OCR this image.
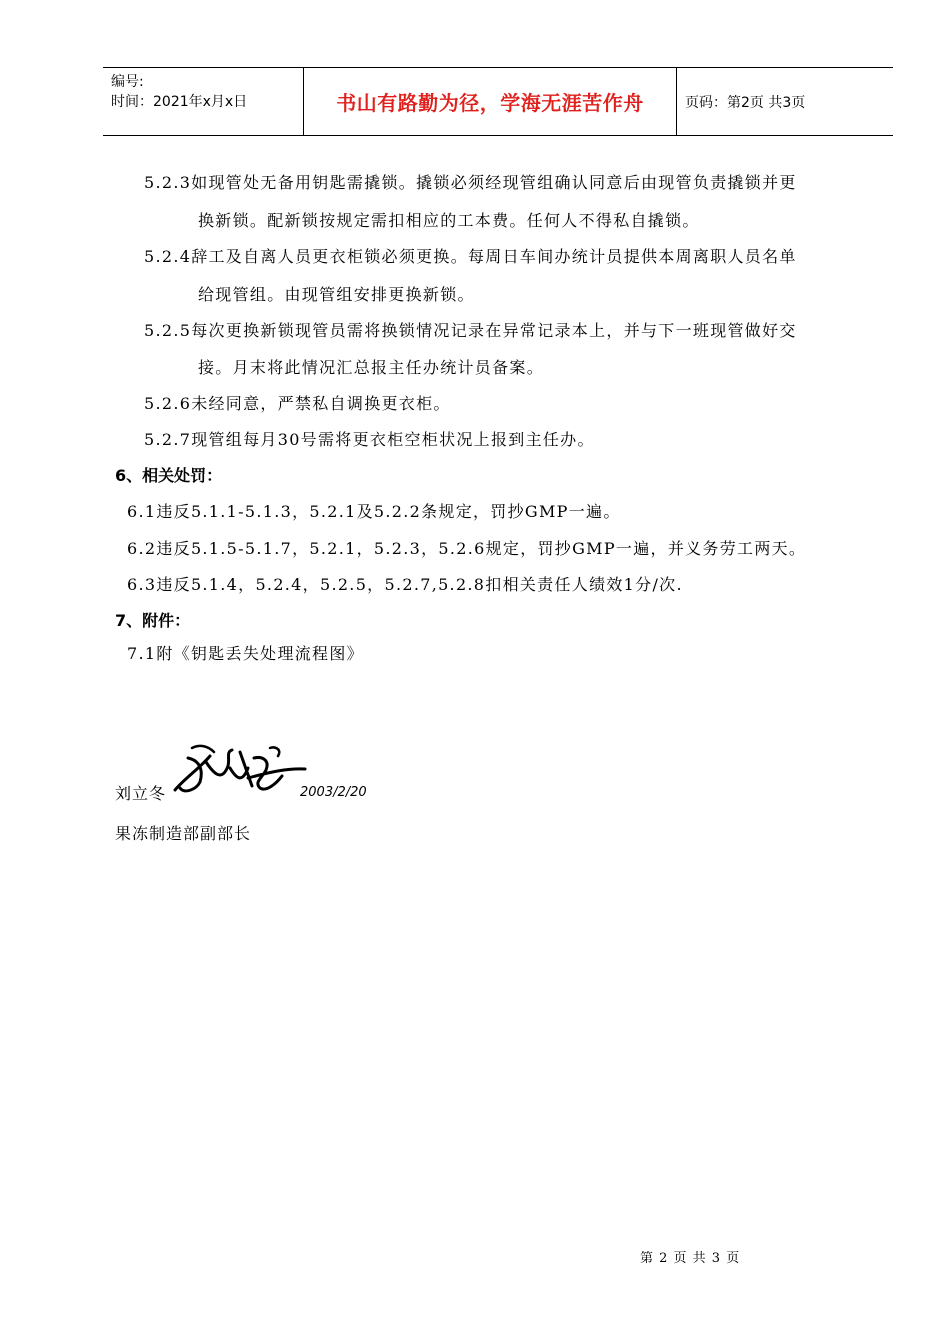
编号:
时间：2021年x月x日	书山有路勤为径，学海无涯苦作舟	页码：第2页 共3页
5.2.3如现管处无备用钥匙需撬锁。撬锁必须经现管组确认同意后由现管负责撬锁并更
换新锁。配新锁按规定需扣相应的工本费。任何人不得私自撬锁。
5.2.4辞工及自离人员更衣柜锁必须更换。每周日车间办统计员提供本周离职人员名单
给现管组。由现管组安排更换新锁。
5.2.5每次更换新锁现管员需将换锁情况记录在异常记录本上，并与下一班现管做好交
接。月末将此情况汇总报主任办统计员备案。
5.2.6未经同意，严禁私自调换更衣柜。
5.2.7现管组每月30号需将更衣柜空柜状况上报到主任办。
6、相关处罚：
6.1违反5.1.1-5.1.3，5.2.1及5.2.2条规定，罚抄GMP一遍。
6.2违反5.1.5-5.1.7，5.2.1，5.2.3，5.2.6规定，罚抄GMP一遍，并义务劳工两天。
6.3违反5.1.4，5.2.4，5.2.5，5.2.7,5.2.8扣相关责任人绩效1分/次.
7、附件：
7.1附《钥匙丢失处理流程图》
刘立冬	2003/2/20
果冻制造部副部长
第 2 页 共 3 页
